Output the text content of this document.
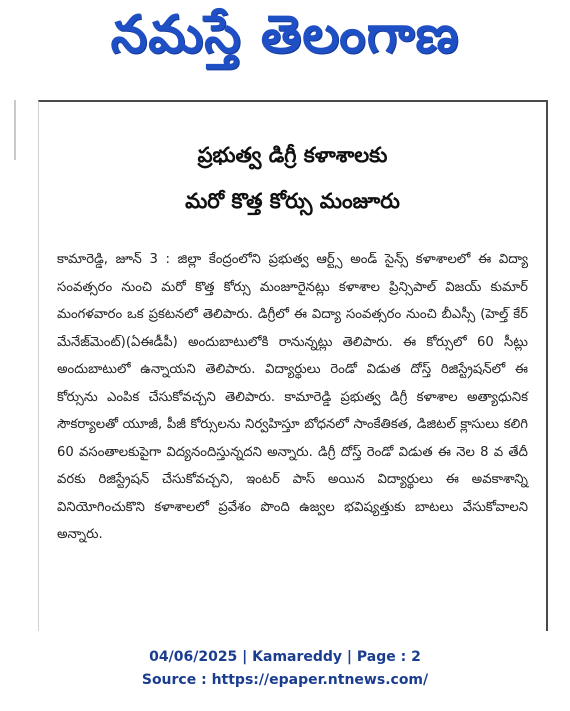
నమస్తే తెలంగాణ
ప్రభుత్వ డిగ్రీ కళాశాలకు
మరో కొత్త కోర్సు మంజూరు
కామారెడ్డి, జూన్ 3 : జిల్లా కేంద్రంలోని ప్రభుత్వ ఆర్ట్స్ అండ్ సైన్స్ కళాశాలలో ఈ విద్యా సంవత్సరం నుంచి మరో కొత్త కోర్సు మంజూరైనట్లు కళాశాల ప్రిన్సిపాల్ విజయ్ కుమార్ మంగళవారం ఒక ప్రకటనలో తెలిపారు. డిగ్రీలో ఈ విద్యా సంవత్సరం నుంచి బీఎస్సీ (హెల్త్ కేర్ మేనేజ్‌మెంట్)(ఏఈడీపీ) అందుబాటులోకి రానున్నట్లు తెలిపారు. ఈ కోర్సులో 60 సీట్లు అందుబాటులో ఉన్నాయని తెలిపారు. విద్యార్థులు రెండో విడుత దోస్త్ రిజిస్ట్రేషన్‌లో ఈ కోర్సును ఎంపిక చేసుకోవచ్చని తెలిపారు. కామారెడ్డి ప్రభుత్వ డిగ్రీ కళాశాల అత్యాధునిక సౌకర్యాలతో యూజీ, పీజీ కోర్సులను నిర్వహిస్తూ బోధనలో సాంకేతికత, డిజిటల్ క్లాసులు కలిగి 60 వసంతాలకుపైగా విద్యనందిస్తున్నదని అన్నారు. డిగ్రీ దోస్త్ రెండో విడుత ఈ నెల 8 వ తేదీ వరకు రిజిస్ట్రేషన్ చేసుకోవచ్చని, ఇంటర్ పాస్ అయిన విద్యార్థులు ఈ అవకాశాన్ని వినియోగించుకొని కళాశాలలో ప్రవేశం పొంది ఉజ్వల భవిష్యత్తుకు బాటలు వేసుకోవాలని అన్నారు.
04/06/2025 | Kamareddy | Page : 2
Source : https://epaper.ntnews.com/
